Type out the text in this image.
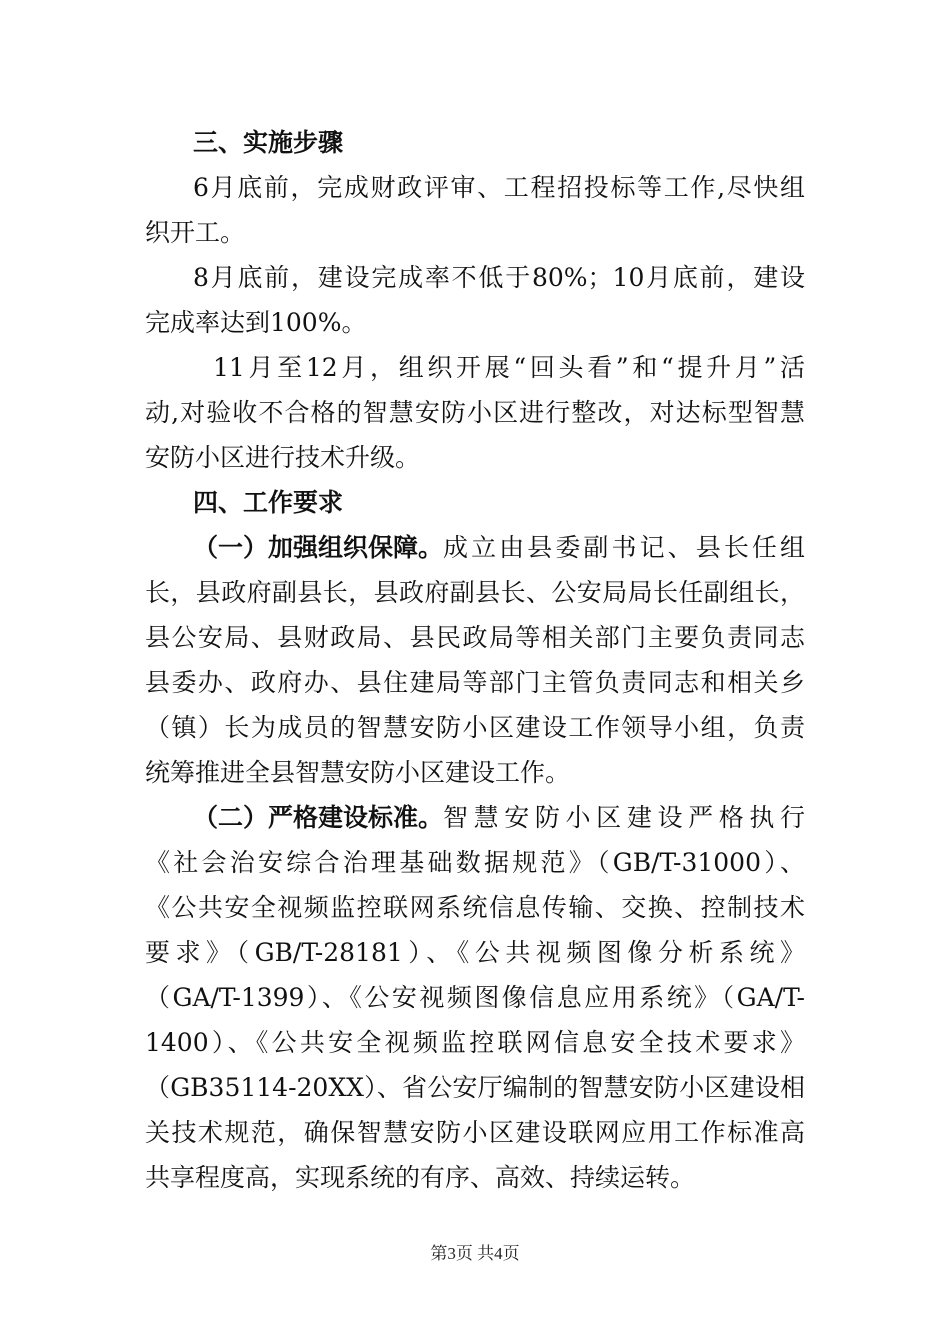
三、实施步骤
6月底前，完成财政评审、工程招投标等工作,尽快组
织开工。
8月底前，建设完成率不低于80%；10月底前，建设
完成率达到100%。
11月至12月，组织开展“回头看”和“提升月”活
动,对验收不合格的智慧安防小区进行整改，对达标型智慧
安防小区进行技术升级。
四、工作要求
（一）加强组织保障。 成立由县委副书记、县长任组
长，县政府副县长，县政府副县长、公安局局长任副组长，
县公安局、县财政局、县民政局等相关部门主要负责同志
县委办、政府办、县住建局等部门主管负责同志和相关乡
（镇）长为成员的智慧安防小区建设工作领导小组，负责
统筹推进全县智慧安防小区建设工作。
（二）严格建设标准。 智慧安防小区建设严格执行
《社会治安综合治理基础数据规范》（GB/T-31000）、
《公共安全视频监控联网系统信息传输、交换、控制技术
要求》（GB/T-28181）、《公共视频图像分析系统》
（GA/T-1399）、《公安视频图像信息应用系统》（GA/T-
1400）、《公共安全视频监控联网信息安全技术要求》
（GB35114-20XX）、省公安厅编制的智慧安防小区建设相
关技术规范，确保智慧安防小区建设联网应用工作标准高
共享程度高，实现系统的有序、高效、持续运转。
第3页 共4页
